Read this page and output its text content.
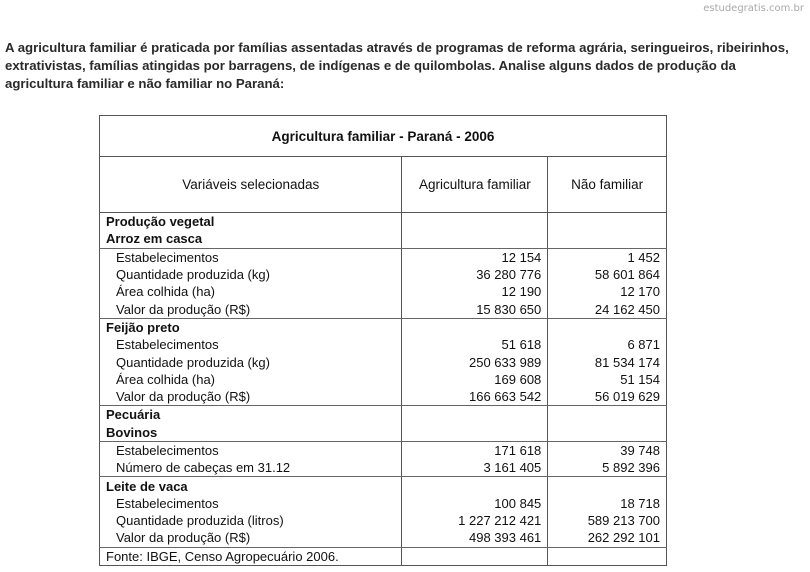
estudegratis.com.br

A agricultura familiar é praticada por famílias assentadas através de programas de reforma agrária, seringueiros, ribeirinhos, extrativistas, famílias atingidas por barragens, de indígenas e de quilombolas. Analise alguns dados de produção da agricultura familiar e não familiar no Paraná:

Agricultura familiar - Paraná - 2006		
Variáveis selecionadas	Agricultura familiar	Não familiar
Produção vegetal		
Arroz em casca		
Estabelecimentos	12 154	1 452
Quantidade produzida (kg)	36 280 776	58 601 864
Área colhida (ha)	12 190	12 170
Valor da produção (R$)	15 830 650	24 162 450
Feijão preto		
Estabelecimentos	51 618	6 871
Quantidade produzida (kg)	250 633 989	81 534 174
Área colhida (ha)	169 608	51 154
Valor da produção (R$)	166 663 542	56 019 629
Pecuária		
Bovinos		
Estabelecimentos	171 618	39 748
Número de cabeças em 31.12	3 161 405	5 892 396
Leite de vaca		
Estabelecimentos	100 845	18 718
Quantidade produzida (litros)	1 227 212 421	589 213 700
Valor da produção (R$)	498 393 461	262 292 101
Fonte: IBGE, Censo Agropecuário 2006.		
